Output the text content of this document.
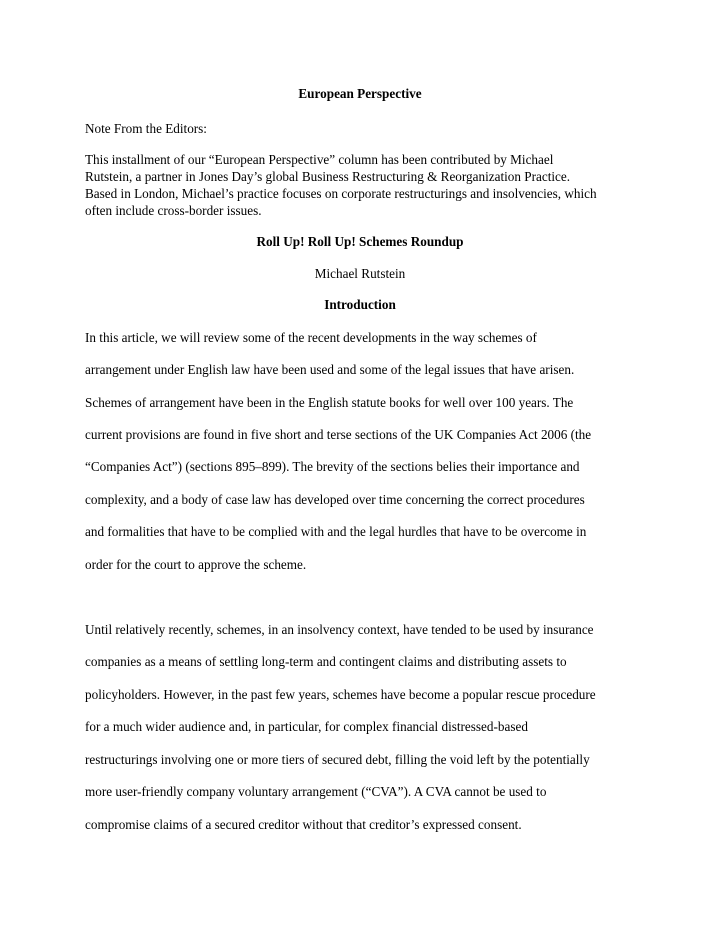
European Perspective
Note From the Editors:

This installment of our “European Perspective” column has been contributed by Michael

Rutstein, a partner in Jones Day’s global Business Restructuring & Reorganization Practice.

Based in London, Michael’s practice focuses on corporate restructurings and insolvencies, which

often include cross-border issues.

Roll Up! Roll Up! Schemes Roundup
Michael Rutstein
Introduction
In this article, we will review some of the recent developments in the way schemes of
arrangement under English law have been used and some of the legal issues that have arisen.
Schemes of arrangement have been in the English statute books for well over 100 years. The
current provisions are found in five short and terse sections of the UK Companies Act 2006 (the
“Companies Act”) (sections 895–899). The brevity of the sections belies their importance and
complexity, and a body of case law has developed over time concerning the correct procedures
and formalities that have to be complied with and the legal hurdles that have to be overcome in
order for the court to approve the scheme.
Until relatively recently, schemes, in an insolvency context, have tended to be used by insurance
companies as a means of settling long-term and contingent claims and distributing assets to
policyholders. However, in the past few years, schemes have become a popular rescue procedure
for a much wider audience and, in particular, for complex financial distressed-based
restructurings involving one or more tiers of secured debt, filling the void left by the potentially
more user-friendly company voluntary arrangement (“CVA”). A CVA cannot be used to
compromise claims of a secured creditor without that creditor’s expressed consent.
